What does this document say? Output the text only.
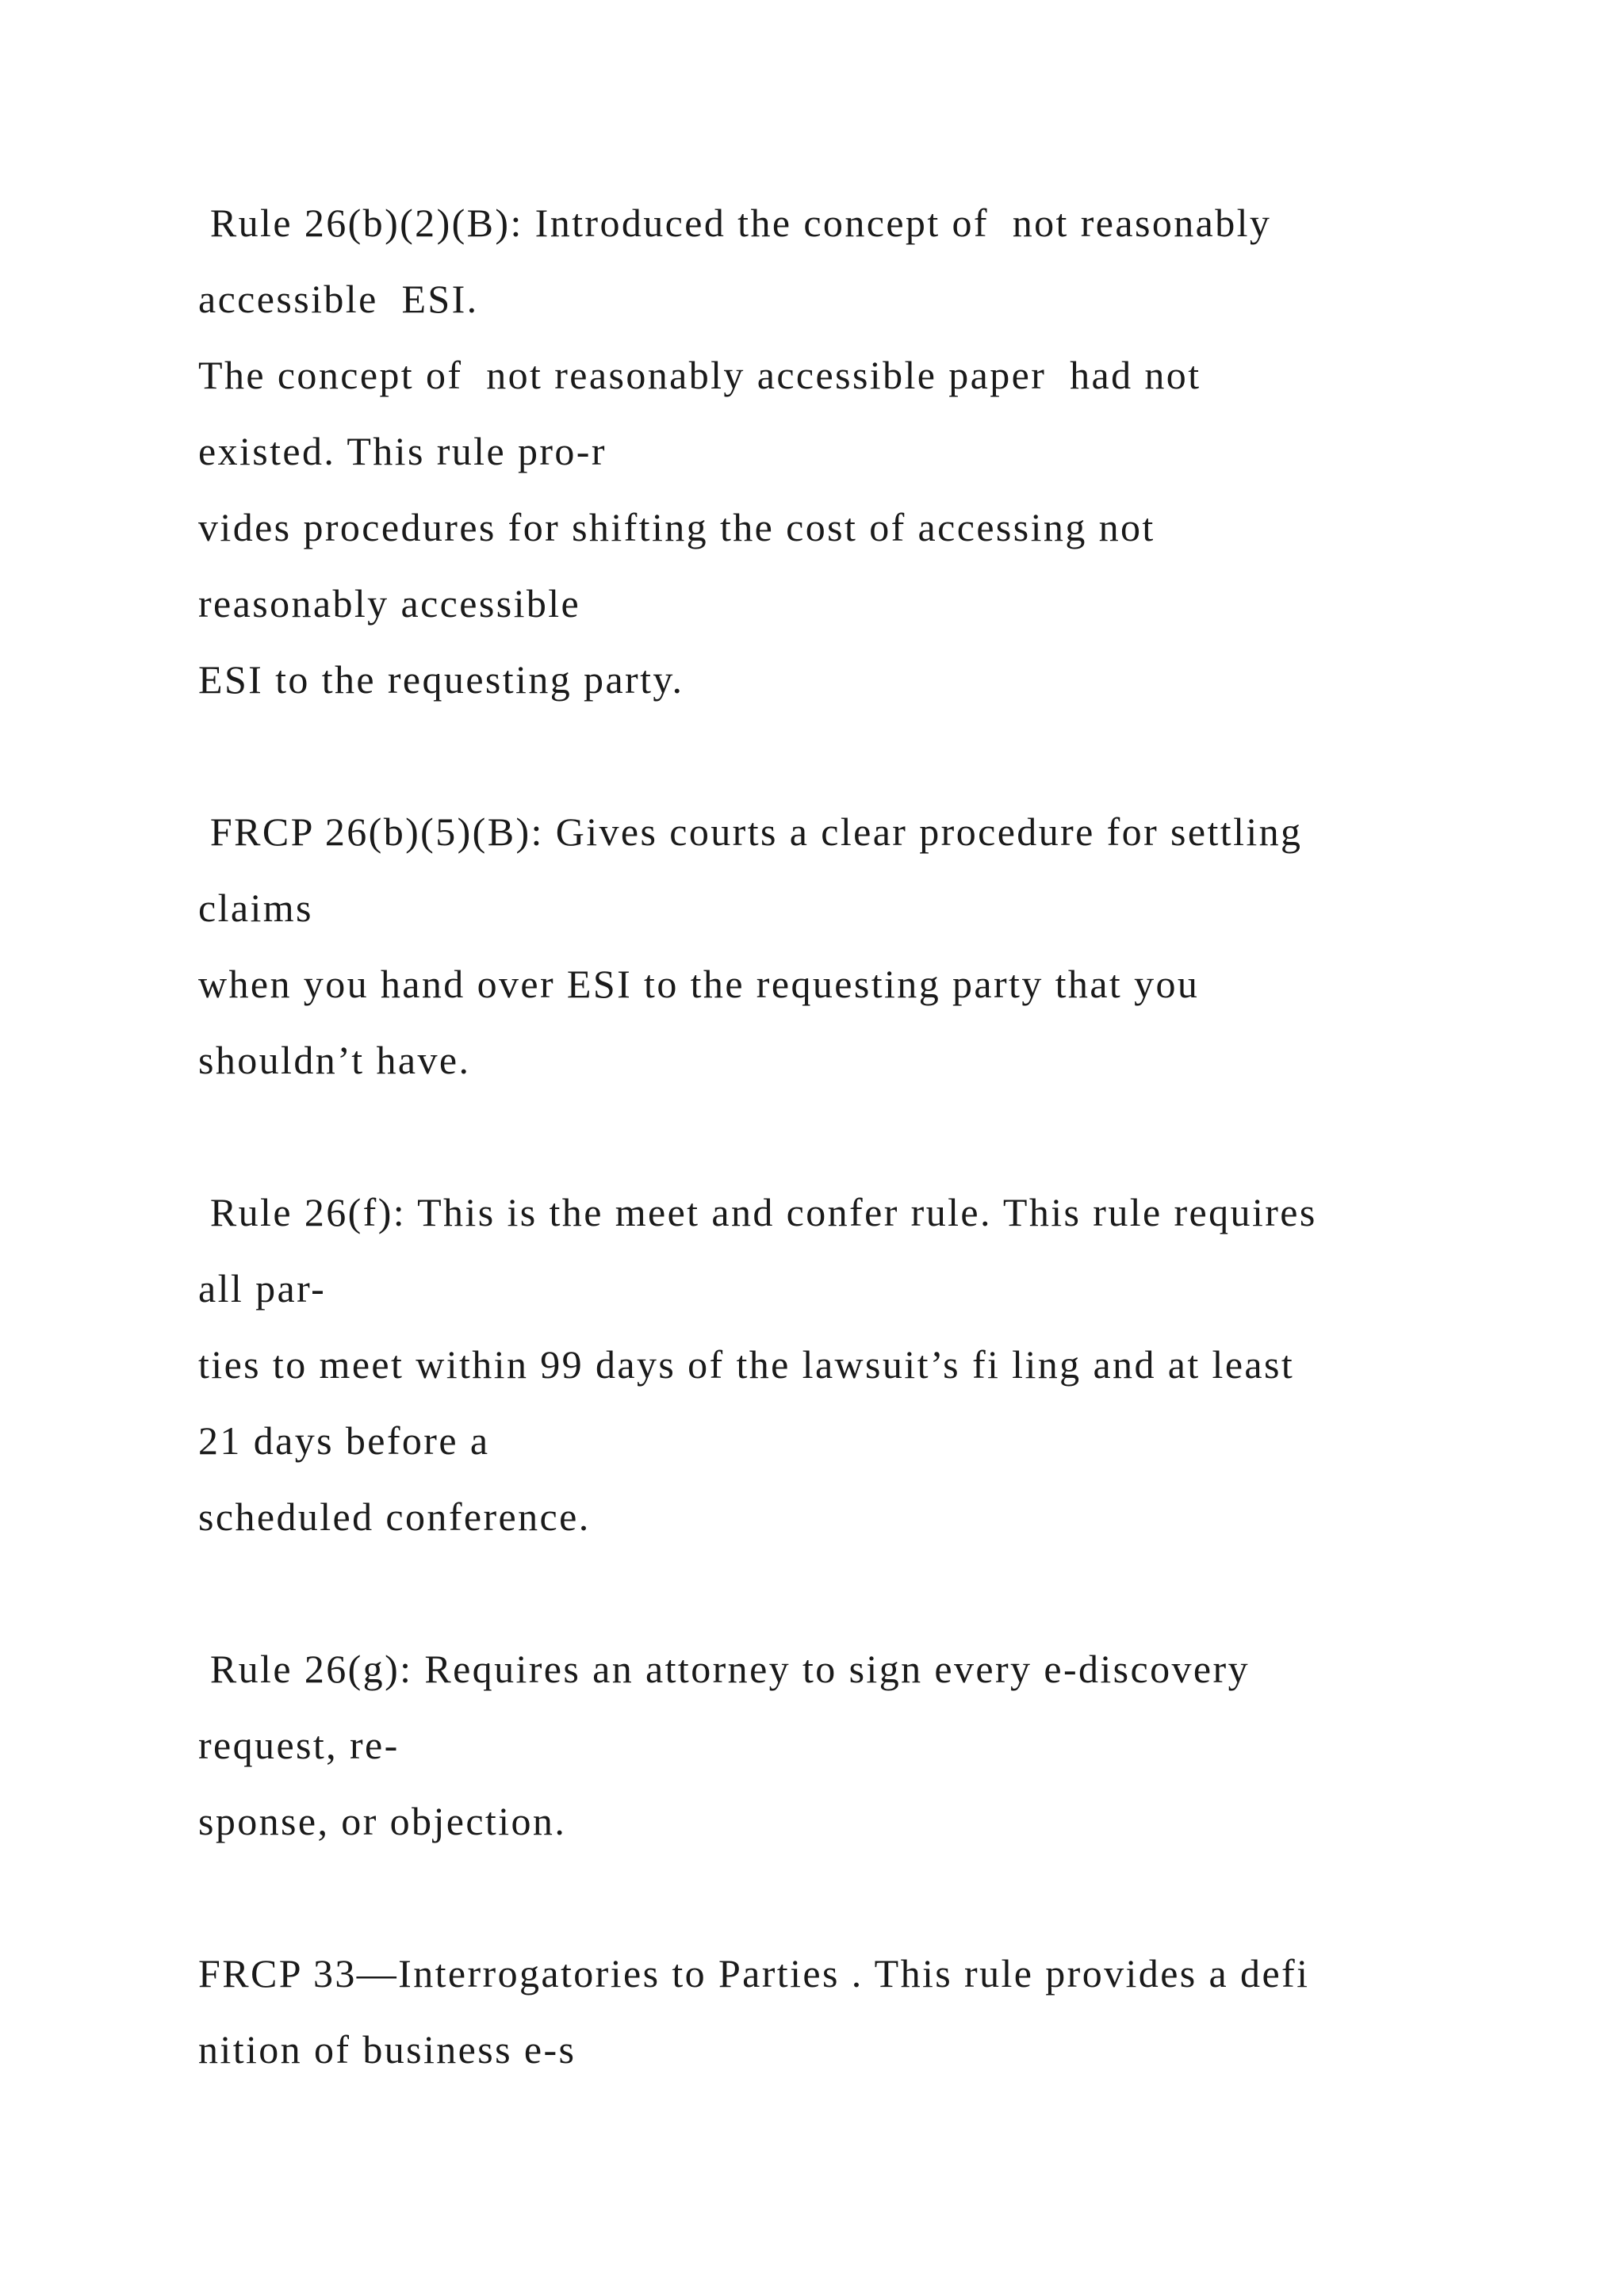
Rule 26(b)(2)(B): Introduced the concept of  not reasonably
accessible  ESI.
The concept of  not reasonably accessible paper  had not
existed. This rule pro-r
vides procedures for shifting the cost of accessing not
reasonably accessible
ESI to the requesting party.
FRCP 26(b)(5)(B): Gives courts a clear procedure for settling
claims
when you hand over ESI to the requesting party that you
shouldn’t have.
Rule 26(f): This is the meet and confer rule. This rule requires
all par-
ties to meet within 99 days of the lawsuit’s fi ling and at least
21 days before a
scheduled conference.
Rule 26(g): Requires an attorney to sign every e-discovery
request, re-
sponse, or objection.
FRCP 33—Interrogatories to Parties . This rule provides a defi
nition of business e-s
